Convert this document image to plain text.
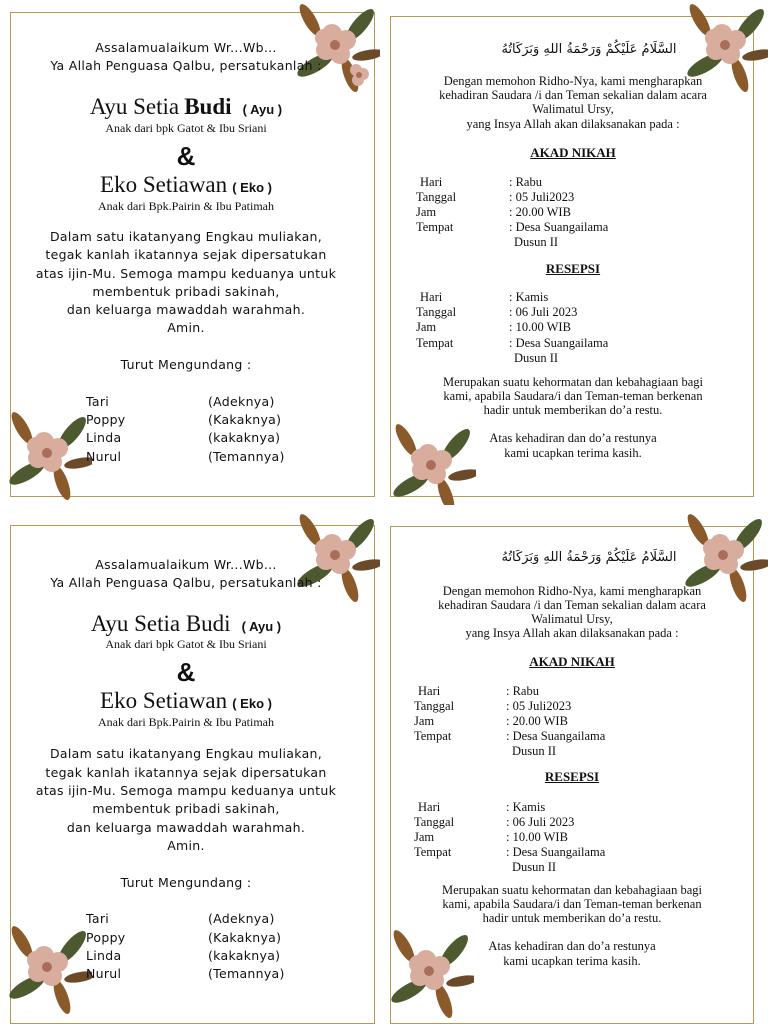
Assalamualaikum Wr...Wb...
Ya Allah Penguasa Qalbu, persatukanlah :
Ayu Setia Budi ( Ayu )
Anak dari bpk Gatot & Ibu Sriani
&
Eko Setiawan ( Eko )
Anak dari Bpk.Pairin & Ibu Patimah
Dalam satu ikatanyang Engkau muliakan,
tegak kanlah ikatannya sejak dipersatukan
atas ijin-Mu. Semoga mampu keduanya untuk
membentuk pribadi sakinah,
dan keluarga mawaddah warahmah.
Amin.
Turut Mengundang :
Tari	(Adeknya)
Poppy	(Kakaknya)
Linda	(kakaknya)
Nurul	(Temannya)
السَّلَامُ عَلَيْكُمْ وَرَحْمَةُ اللهِ وَبَرَكَاتُهُ
Dengan memohon Ridho-Nya, kami mengharapkan
kehadiran Saudara /i dan Teman sekalian dalam acara
Walimatul Ursy,
yang Insya Allah akan dilaksanakan pada :
AKAD NIKAH
Hari	: Rabu
Tanggal	: 05 Juli2023
Jam	: 20.00 WIB
Tempat	: Desa Suangailama
Dusun II
RESEPSI
Hari	: Kamis
Tanggal	: 06 Juli 2023
Jam	: 10.00 WIB
Tempat	: Desa Suangailama
Dusun II
Merupakan suatu kehormatan dan kebahagiaan bagi
kami, apabila Saudara/i dan Teman-teman berkenan
hadir untuk memberikan do’a restu.
Atas kehadiran dan do’a restunya
kami ucapkan terima kasih.
Assalamualaikum Wr...Wb...
Ya Allah Penguasa Qalbu, persatukanlah :
Ayu Setia Budi ( Ayu )
Anak dari bpk Gatot & Ibu Sriani
&
Eko Setiawan ( Eko )
Anak dari Bpk.Pairin & Ibu Patimah
Dalam satu ikatanyang Engkau muliakan,
tegak kanlah ikatannya sejak dipersatukan
atas ijin-Mu. Semoga mampu keduanya untuk
membentuk pribadi sakinah,
dan keluarga mawaddah warahmah.
Amin.
Turut Mengundang :
Tari	(Adeknya)
Poppy	(Kakaknya)
Linda	(kakaknya)
Nurul	(Temannya)
السَّلَامُ عَلَيْكُمْ وَرَحْمَةُ اللهِ وَبَرَكَاتُهُ
Dengan memohon Ridho-Nya, kami mengharapkan
kehadiran Saudara /i dan Teman sekalian dalam acara
Walimatul Ursy,
yang Insya Allah akan dilaksanakan pada :
AKAD NIKAH
Hari	: Rabu
Tanggal	: 05 Juli2023
Jam	: 20.00 WIB
Tempat	: Desa Suangailama
Dusun II
RESEPSI
Hari	: Kamis
Tanggal	: 06 Juli 2023
Jam	: 10.00 WIB
Tempat	: Desa Suangailama
Dusun II
Merupakan suatu kehormatan dan kebahagiaan bagi
kami, apabila Saudara/i dan Teman-teman berkenan
hadir untuk memberikan do’a restu.
Atas kehadiran dan do’a restunya
kami ucapkan terima kasih.
